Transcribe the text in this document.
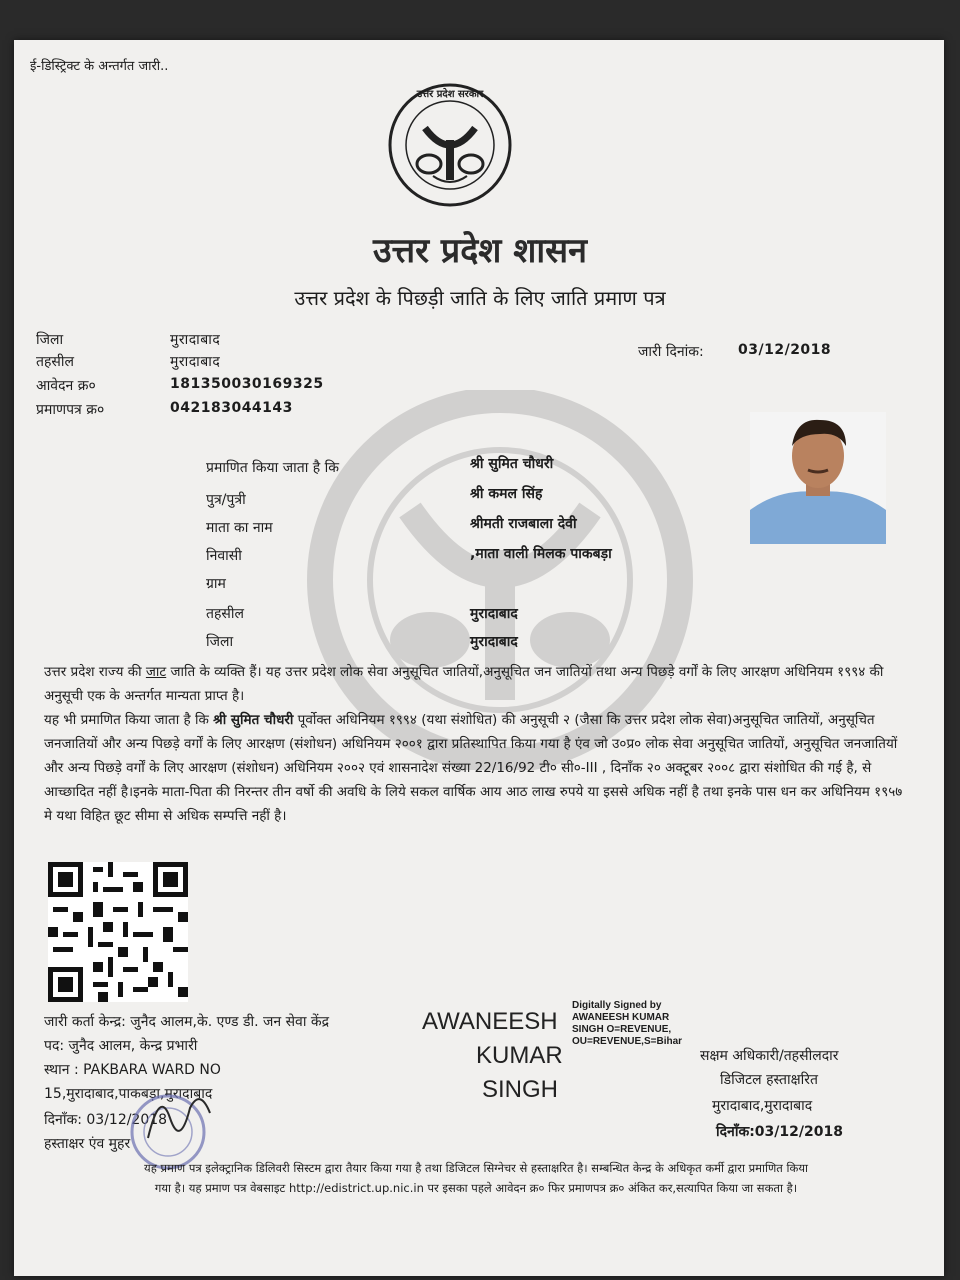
ई-डिस्ट्रिक्ट के अन्तर्गत जारी..
उत्तर प्रदेश सरकार
उत्तर प्रदेश शासन
उत्तर प्रदेश के पिछड़ी जाति के लिए जाति प्रमाण पत्र
जिला	मुरादाबाद
तहसील	मुरादाबाद
आवेदन क्र०	18135003016932​5
प्रमाणपत्र क्र०	042183044143
जारी दिनांक: 03/12/2018
प्रमाणित किया जाता है कि	श्री सुमित चौधरी
पुत्र/पुत्री	श्री कमल सिंह
माता का नाम	श्रीमती राजबाला देवी
निवासी	,माता वाली मिलक पाकबड़ा
ग्राम
तहसील	मुरादाबाद
जिला	मुरादाबाद
उत्तर प्रदेश राज्य की जाट जाति के व्यक्ति हैं। यह उत्तर प्रदेश लोक सेवा अनुसूचित जातियों,अनुसूचित जन जातियों तथा अन्य पिछड़े वर्गों के लिए आरक्षण अधिनियम १९९४ की अनुसूची एक के अन्तर्गत मान्यता प्राप्त है।
यह भी प्रमाणित किया जाता है कि श्री सुमित चौधरी पूर्वोक्त अधिनियम १९९४ (यथा संशोधित) की अनुसूची २ (जैसा कि उत्तर प्रदेश लोक सेवा)अनुसूचित जातियों, अनुसूचित जनजातियों और अन्य पिछड़े वर्गों के लिए आरक्षण (संशोधन) अधिनियम २००१ द्वारा प्रतिस्थापित किया गया है एंव जो उ०प्र० लोक सेवा अनुसूचित जातियों, अनुसूचित जनजातियों और अन्य पिछड़े वर्गों के लिए आरक्षण (संशोधन) अधिनियम २००२ एवं शासनादेश संख्या 22/16/92 टी० सी०-III , दिनाँक २० अक्टूबर २००८ द्वारा संशोधित की गई है, से आच्छादित नहीं है।इनके माता-पिता की निरन्तर तीन वर्षो की अवधि के लिये सकल वार्षिक आय आठ लाख रुपये या इससे अधिक नहीं है तथा इनके पास धन कर अधिनियम १९५७ मे यथा विहित छूट सीमा से अधिक सम्पत्ति नहीं है।
जारी कर्ता केन्द्र: जुनैद आलम,के. एण्ड डी. जन सेवा केंद्र
पद: जुनैद आलम, केन्द्र प्रभारी
स्थान : PAKBARA WARD NO
15,मुरादाबाद,पाकबड़ा,मुरादाबाद
दिनाँक: 03/12/2018
हस्ताक्षर एंव मुहर
AWANEESH
KUMAR
SINGH
Digitally Signed by
AWANEESH KUMAR
SINGH O=REVENUE,
OU=REVENUE,S=Bihar
सक्षम अधिकारी/तहसीलदार
डिजिटल हस्ताक्षरित
मुरादाबाद,मुरादाबाद
दिनाँक:03/12/2018
यह प्रमाण पत्र इलेक्ट्रानिक डिलिवरी सिस्टम द्वारा तैयार किया गया है तथा डिजिटल सिग्नेचर से हस्ताक्षरित है। सम्बन्धित केन्द्र के अधिकृत कर्मी द्वारा प्रमाणित किया
गया है। यह प्रमाण पत्र वेबसाइट http://edistrict.up.nic.in पर इसका पहले आवेदन क्र० फिर प्रमाणपत्र क्र० अंकित कर,सत्यापित किया जा सकता है।
